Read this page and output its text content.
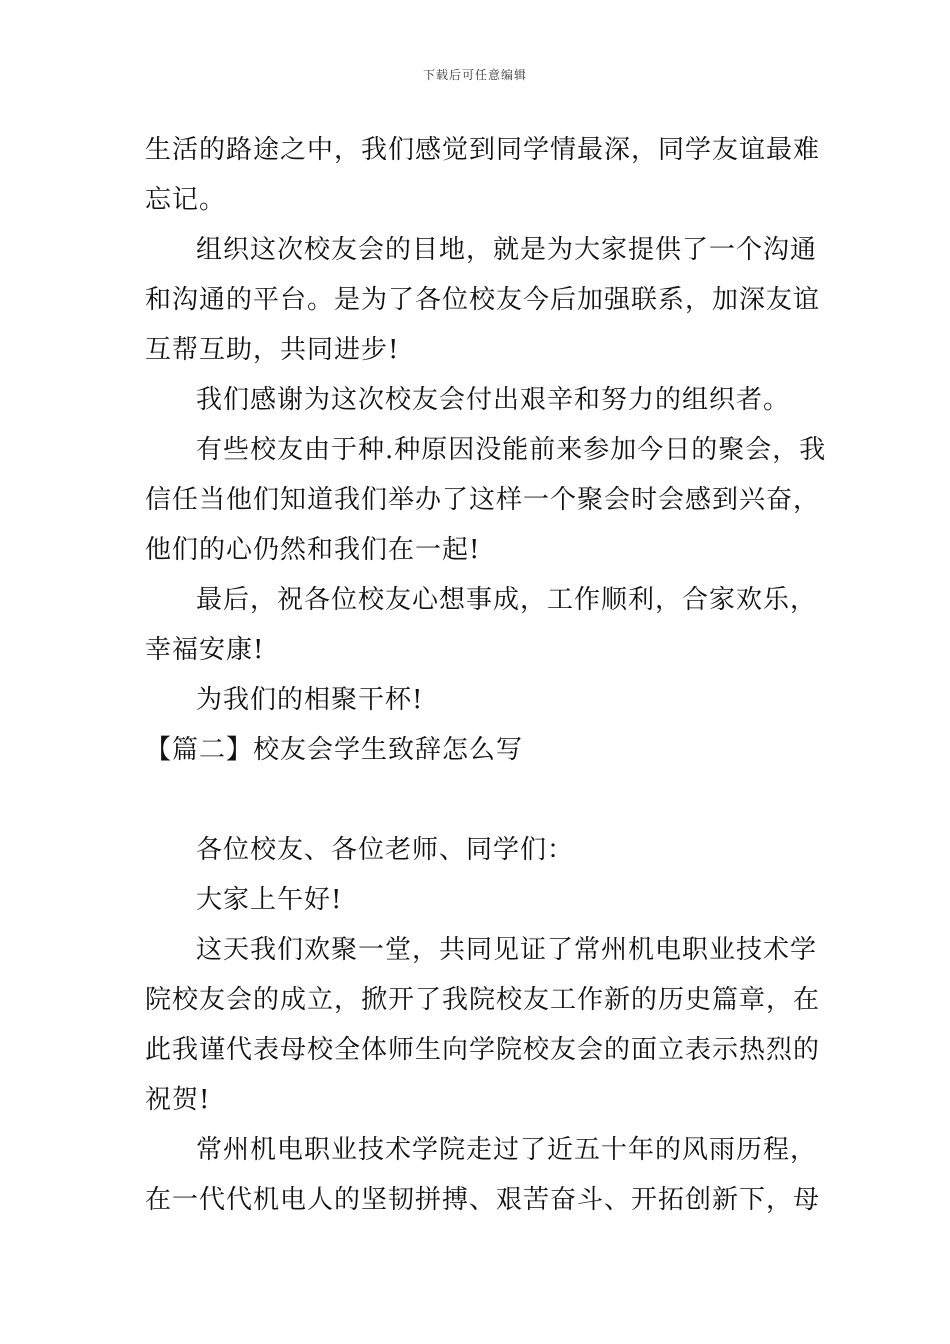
下载后可任意编辑
生活的路途之中，我们感觉到同学情最深，同学友谊最难
忘记。
组织这次校友会的目地，就是为大家提供了一个沟通
和沟通的平台。是为了各位校友今后加强联系，加深友谊
互帮互助，共同进步!
我们感谢为这次校友会付出艰辛和努力的组织者。
有些校友由于种.种原因没能前来参加今日的聚会，我
信任当他们知道我们举办了这样一个聚会时会感到兴奋，
他们的心仍然和我们在一起!
最后，祝各位校友心想事成，工作顺利，合家欢乐，
幸福安康!
为我们的相聚干杯!
【篇二】校友会学生致辞怎么写
各位校友、各位老师、同学们：
大家上午好!
这天我们欢聚一堂，共同见证了常州机电职业技术学
院校友会的成立，掀开了我院校友工作新的历史篇章，在
此我谨代表母校全体师生向学院校友会的面立表示热烈的
祝贺!
常州机电职业技术学院走过了近五十年的风雨历程，
在一代代机电人的坚韧拼搏、艰苦奋斗、开拓创新下，母
